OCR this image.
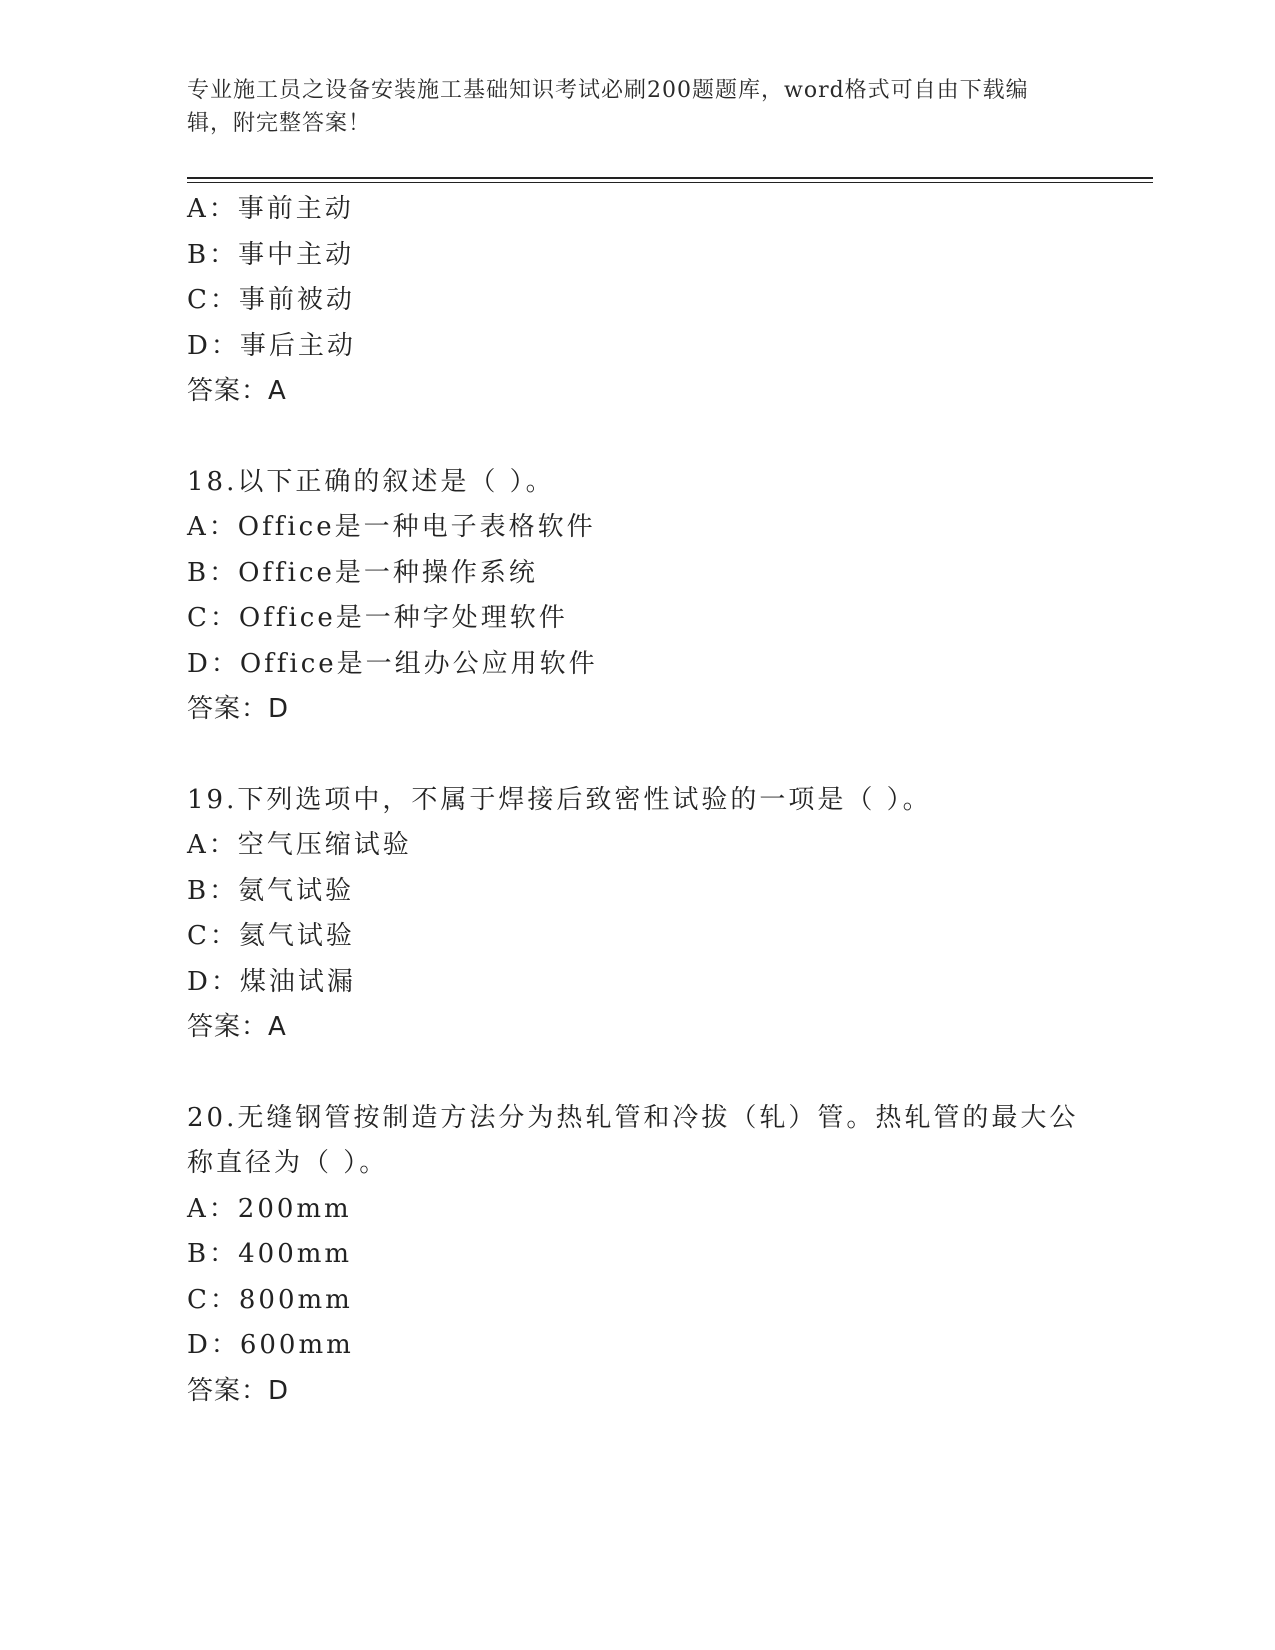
专业施工员之设备安装施工基础知识考试必刷200题题库，word格式可自由下载编辑，附完整答案！
A：事前主动
B：事中主动
C：事前被动
D：事后主动
答案：A
18.以下正确的叙述是（ ）。
A：Office是一种电子表格软件
B：Office是一种操作系统
C：Office是一种字处理软件
D：Office是一组办公应用软件
答案：D
19.下列选项中，不属于焊接后致密性试验的一项是（ ）。
A：空气压缩试验
B：氨气试验
C：氦气试验
D：煤油试漏
答案：A
20.无缝钢管按制造方法分为热轧管和冷拔（轧）管。热轧管的最大公
称直径为（ ）。
A：200mm
B：400mm
C：800mm
D：600mm
答案：D
